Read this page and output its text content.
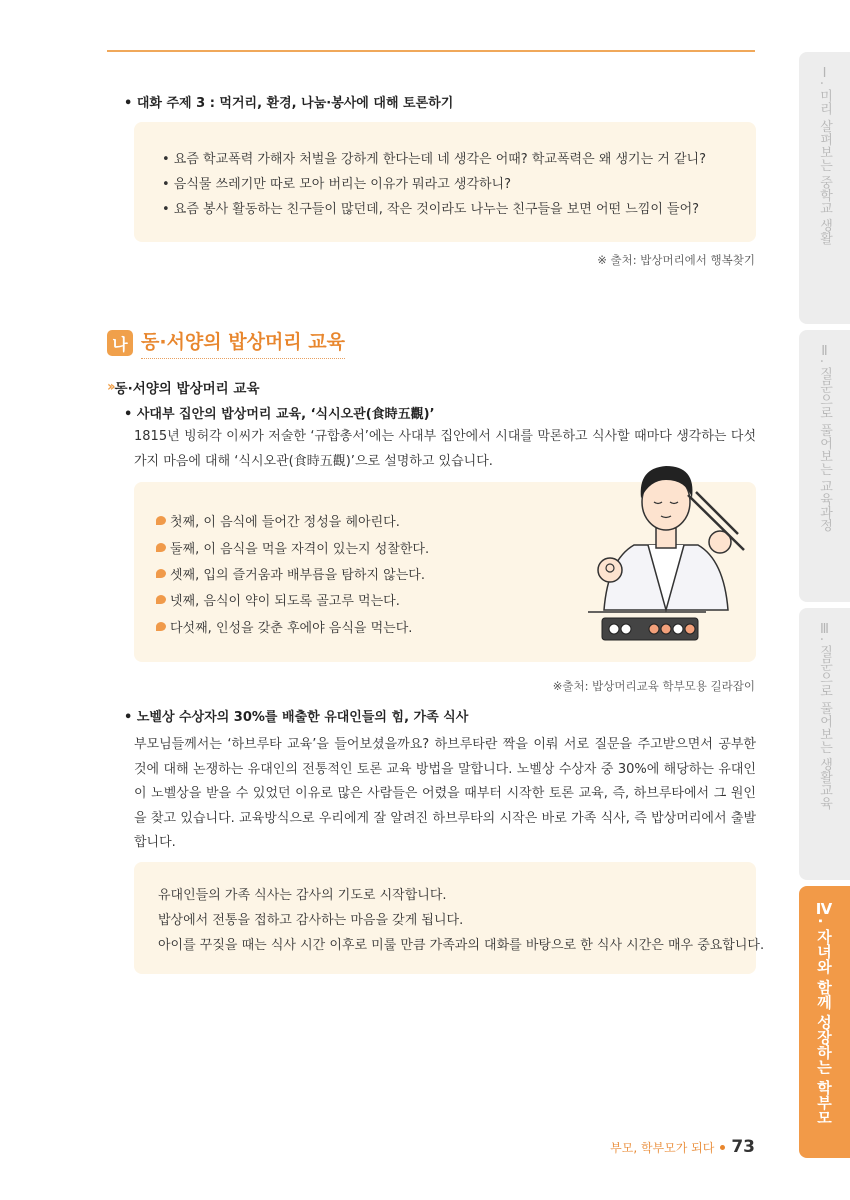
• 대화 주제 3 : 먹거리, 환경, 나눔·봉사에 대해 토론하기
• 요즘 학교폭력 가해자 처벌을 강하게 한다는데 네 생각은 어때? 학교폭력은 왜 생기는 거 같니?
• 음식물 쓰레기만 따로 모아 버리는 이유가 뭐라고 생각하니?
• 요즘 봉사 활동하는 친구들이 많던데, 작은 것이라도 나누는 친구들을 보면 어떤 느낌이 들어?
※ 출처: 밥상머리에서 행복찾기
나 동·서양의 밥상머리 교육
›› 동·서양의 밥상머리 교육
• 사대부 집안의 밥상머리 교육, ‘식시오관(食時五觀)’
1815년 빙허각 이씨가 저술한 ‘규합총서’에는 사대부 집안에서 시대를 막론하고 식사할 때마다 생각하는 다섯가지 마음에 대해 ‘식시오관(食時五觀)’으로 설명하고 있습니다.
첫째, 이 음식에 들어간 정성을 헤아린다.
둘째, 이 음식을 먹을 자격이 있는지 성찰한다.
셋째, 입의 즐거움과 배부름을 탐하지 않는다.
넷째, 음식이 약이 되도록 골고루 먹는다.
다섯째, 인성을 갖춘 후에야 음식을 먹는다.
※출처: 밥상머리교육 학부모용 길라잡이
• 노벨상 수상자의 30%를 배출한 유대인들의 힘, 가족 식사
부모님들께서는 ‘하브루타 교육’을 들어보셨을까요? 하브루타란 짝을 이뤄 서로 질문을 주고받으면서 공부한 것에 대해 논쟁하는 유대인의 전통적인 토론 교육 방법을 말합니다. 노벨상 수상자 중 30%에 해당하는 유대인이 노벨상을 받을 수 있었던 이유로 많은 사람들은 어렸을 때부터 시작한 토론 교육, 즉, 하브루타에서 그 원인을 찾고 있습니다. 교육방식으로 우리에게 잘 알려진 하브루타의 시작은 바로 가족 식사, 즉 밥상머리에서 출발합니다.
유대인들의 가족 식사는 감사의 기도로 시작합니다.
밥상에서 전통을 접하고 감사하는 마음을 갖게 됩니다.
아이를 꾸짖을 때는 식사 시간 이후로 미룰 만큼 가족과의 대화를 바탕으로 한 식사 시간은 매우 중요합니다.
Ⅰ. 미리 살펴보는 중학교 생활
Ⅱ. 질문으로 풀어보는 교육과정
Ⅲ. 질문으로 풀어보는 생활교육
Ⅳ. 자녀와 함께 성장하는 학부모
부모, 학부모가 되다 73
